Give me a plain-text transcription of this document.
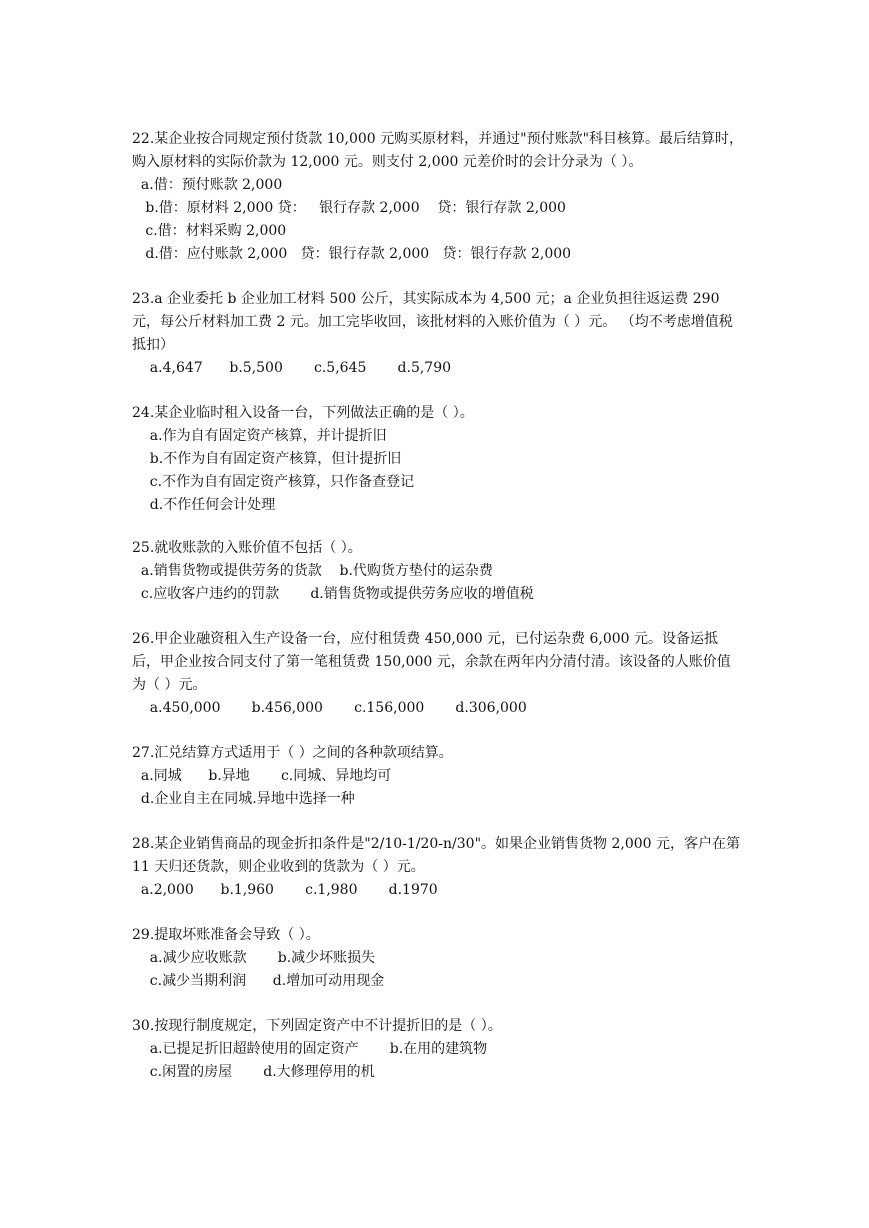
22.某企业按合同规定预付货款 10,000 元购买原材料，并通过"预付账款"科目核算。最后结算时，购入原材料的实际价款为 12,000 元。则支付 2,000 元差价时的会计分录为（ ）。
a.借：预付账款 2,000
b.借：原材料 2,000 贷：   银行存款 2,000    贷：银行存款 2,000
c.借：材料采购 2,000
d.借：应付账款 2,000   贷：银行存款 2,000   贷：银行存款 2,000
23.a 企业委托 b 企业加工材料 500 公斤，其实际成本为 4,500 元；a 企业负担往返运费 290 元，每公斤材料加工费 2 元。加工完毕收回，该批材料的入账价值为（ ）元。 （均不考虑增值税抵扣）
a.4,647      b.5,500       c.5,645       d.5,790
24.某企业临时租入设备一台，下列做法正确的是（ ）。
a.作为自有固定资产核算，并计提折旧
b.不作为自有固定资产核算，但计提折旧
c.不作为自有固定资产核算，只作备查登记
d.不作任何会计处理
25.就收账款的入账价值不包括（ ）。
a.销售货物或提供劳务的货款    b.代购货方垫付的运杂费
c.应收客户违约的罚款       d.销售货物或提供劳务应收的增值税
26.甲企业融资租入生产设备一台，应付租赁费 450,000 元，已付运杂费 6,000 元。设备运抵后，甲企业按合同支付了第一笔租赁费 150,000 元，余款在两年内分清付清。该设备的人账价值为（ ）元。
a.450,000       b.456,000       c.156,000       d.306,000
27.汇兑结算方式适用于（ ）之间的各种款项结算。
a.同城      b.异地       c.同城、异地均可
d.企业自主在同城.异地中选择一种
28.某企业销售商品的现金折扣条件是"2/10-1/20-n/30"。如果企业销售货物 2,000 元，客户在第 11 天归还货款，则企业收到的货款为（ ）元。
a.2,000      b.1,960       c.1,980       d.1970
29.提取坏账准备会导致（ ）。
a.减少应收账款       b.减少坏账损失
c.减少当期利润      d.增加可动用现金
30.按现行制度规定，下列固定资产中不计提折旧的是（ ）。
a.已提足折旧超龄使用的固定资产       b.在用的建筑物
c.闲置的房屋       d.大修理停用的机
